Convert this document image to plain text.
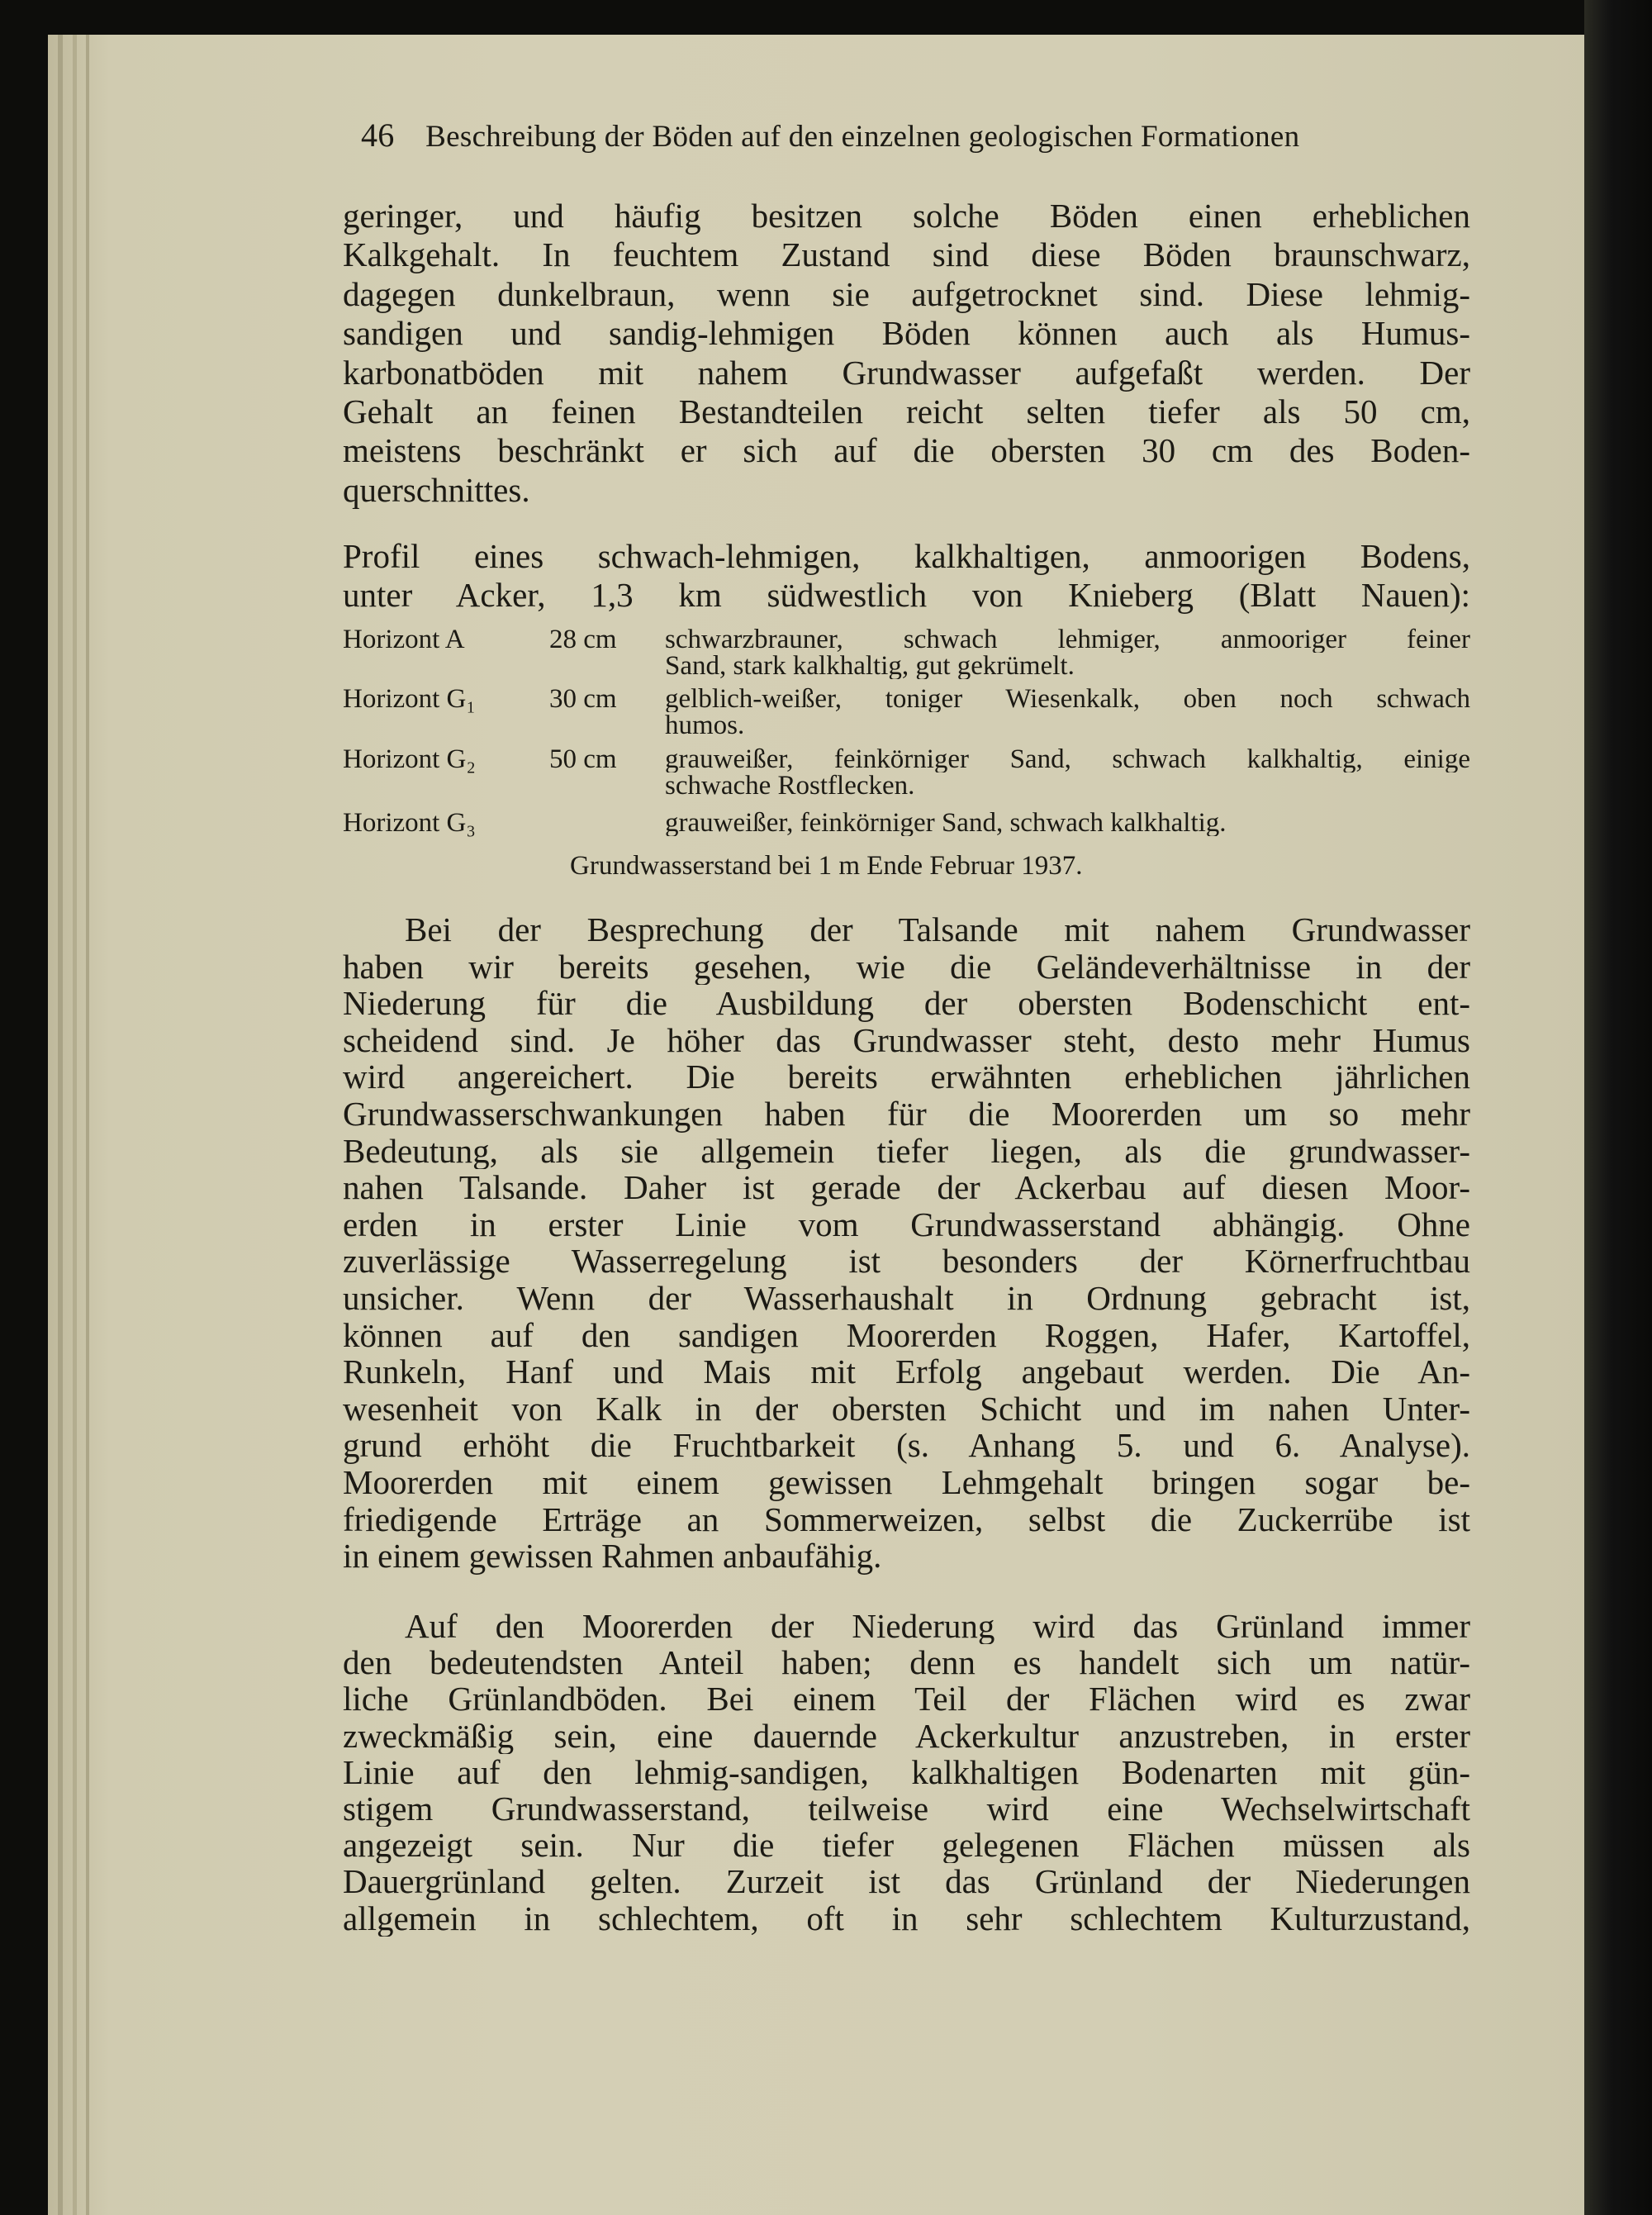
46 Beschreibung der Böden auf den einzelnen geologischen Formationen
geringer, und häufig besitzen solche Böden einen erheblichen
Kalkgehalt. In feuchtem Zustand sind diese Böden braunschwarz,
dagegen dunkelbraun, wenn sie aufgetrocknet sind. Diese lehmig-
sandigen und sandig-lehmigen Böden können auch als Humus-
karbonatböden mit nahem Grundwasser aufgefaßt werden. Der
Gehalt an feinen Bestandteilen reicht selten tiefer als 50 cm,
meistens beschränkt er sich auf die obersten 30 cm des Boden-
querschnittes.
Profil eines schwach-lehmigen, kalkhaltigen, anmoorigen Bodens,
unter Acker, 1,3 km südwestlich von Knieberg (Blatt Nauen):
Horizont A	28 cm schwarzbrauner, schwach lehmiger, anmooriger feiner
Sand, stark kalkhaltig, gut gekrümelt.
Horizont G₁	30 cm gelblich-weißer, toniger Wiesenkalk, oben noch schwach
humos.
Horizont G₂	50 cm grauweißer, feinkörniger Sand, schwach kalkhaltig, einige
schwache Rostflecken.
Horizont G₃	grauweißer, feinkörniger Sand, schwach kalkhaltig.
Grundwasserstand bei 1 m Ende Februar 1937.
Bei der Besprechung der Talsande mit nahem Grundwasser
haben wir bereits gesehen, wie die Geländeverhältnisse in der
Niederung für die Ausbildung der obersten Bodenschicht ent-
scheidend sind. Je höher das Grundwasser steht, desto mehr Humus
wird angereichert. Die bereits erwähnten erheblichen jährlichen
Grundwasserschwankungen haben für die Moorerden um so mehr
Bedeutung, als sie allgemein tiefer liegen, als die grundwasser-
nahen Talsande. Daher ist gerade der Ackerbau auf diesen Moor-
erden in erster Linie vom Grundwasserstand abhängig. Ohne
zuverlässige Wasserregelung ist besonders der Körnerfruchtbau
unsicher. Wenn der Wasserhaushalt in Ordnung gebracht ist,
können auf den sandigen Moorerden Roggen, Hafer, Kartoffel,
Runkeln, Hanf und Mais mit Erfolg angebaut werden. Die An-
wesenheit von Kalk in der obersten Schicht und im nahen Unter-
grund erhöht die Fruchtbarkeit (s. Anhang 5. und 6. Analyse).
Moorerden mit einem gewissen Lehmgehalt bringen sogar be-
friedigende Erträge an Sommerweizen, selbst die Zuckerrübe ist
in einem gewissen Rahmen anbaufähig.
Auf den Moorerden der Niederung wird das Grünland immer
den bedeutendsten Anteil haben; denn es handelt sich um natür-
liche Grünlandböden. Bei einem Teil der Flächen wird es zwar
zweckmäßig sein, eine dauernde Ackerkultur anzustreben, in erster
Linie auf den lehmig-sandigen, kalkhaltigen Bodenarten mit gün-
stigem Grundwasserstand, teilweise wird eine Wechselwirtschaft
angezeigt sein. Nur die tiefer gelegenen Flächen müssen als
Dauergrünland gelten. Zurzeit ist das Grünland der Niederungen
allgemein in schlechtem, oft in sehr schlechtem Kulturzustand,
